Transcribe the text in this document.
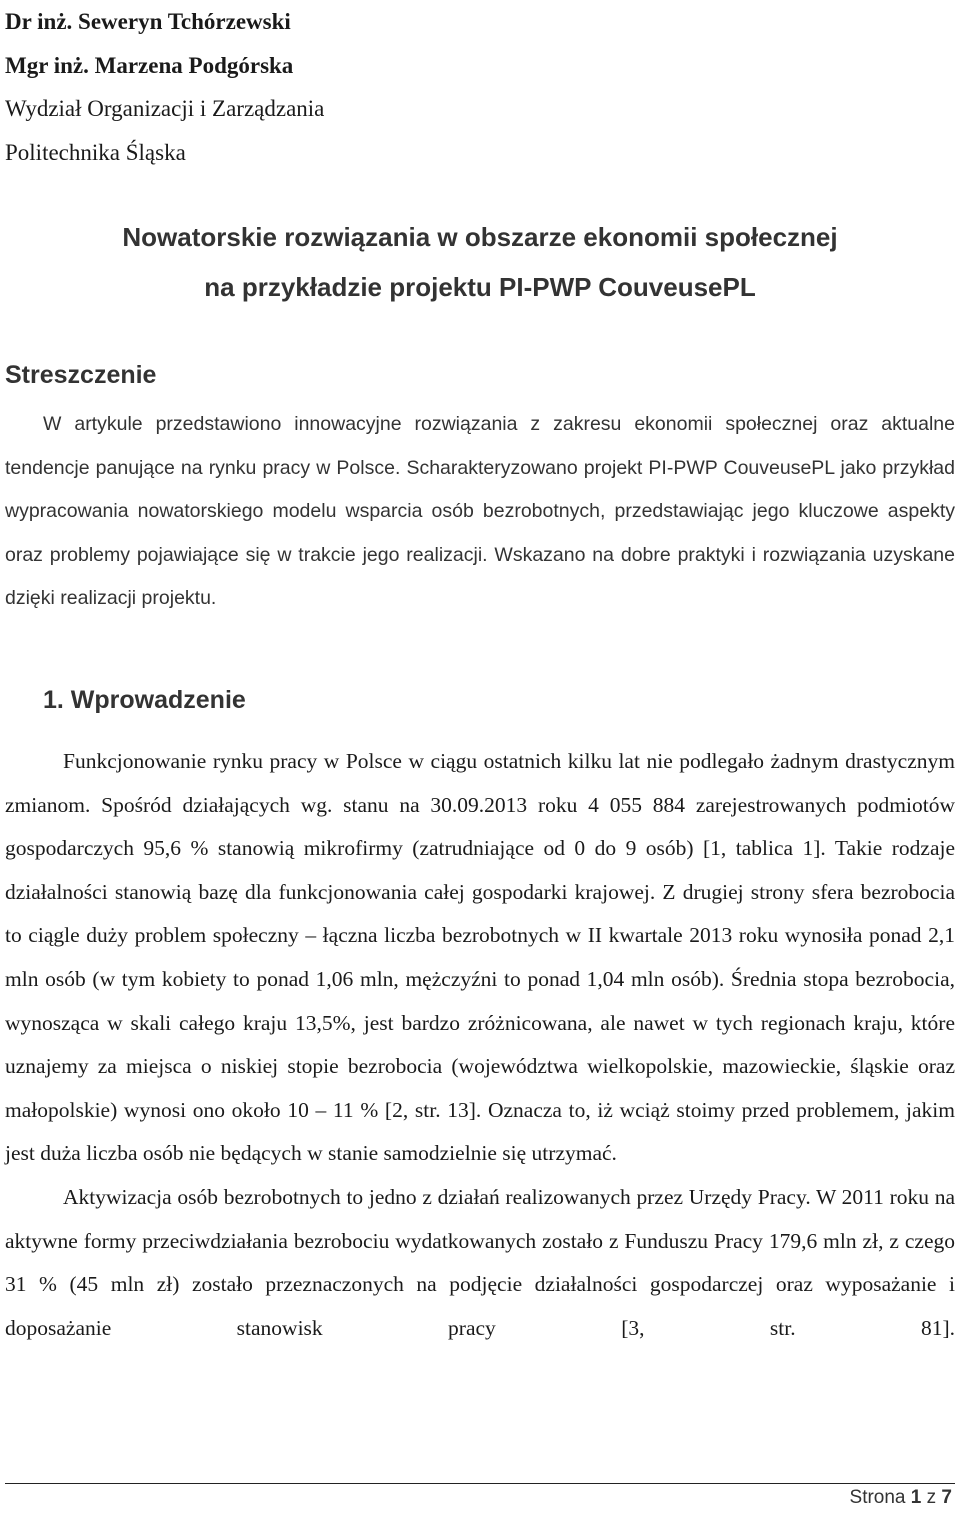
Dr inż. Seweryn Tchórzewski
Mgr inż. Marzena Podgórska
Wydział Organizacji i Zarządzania
Politechnika Śląska
Nowatorskie rozwiązania w obszarze ekonomii społecznej
na przykładzie projektu PI-PWP CouveusePL
Streszczenie

W artykule przedstawiono innowacyjne rozwiązania z zakresu ekonomii społecznej oraz aktualne tendencje panujące na rynku pracy w Polsce. Scharakteryzowano projekt PI-PWP CouveusePL jako przykład wypracowania nowatorskiego modelu wsparcia osób bezrobotnych, przedstawiając jego kluczowe aspekty oraz problemy pojawiające się w trakcie jego realizacji. Wskazano na dobre praktyki i rozwiązania uzyskane dzięki realizacji projektu.

1. Wprowadzenie

Funkcjonowanie rynku pracy w Polsce w ciągu ostatnich kilku lat nie podlegało żadnym drastycznym zmianom. Spośród działających wg. stanu na 30.09.2013 roku 4 055 884 zarejestrowanych podmiotów gospodarczych 95,6 % stanowią mikrofirmy (zatrudniające od 0 do 9 osób) [1, tablica 1]. Takie rodzaje działalności stanowią bazę dla funkcjonowania całej gospodarki krajowej. Z drugiej strony sfera bezrobocia to ciągle duży problem społeczny – łączna liczba bezrobotnych w II kwartale 2013 roku wynosiła ponad 2,1 mln osób (w tym kobiety to ponad 1,06 mln, mężczyźni to ponad 1,04 mln osób). Średnia stopa bezrobocia, wynosząca w skali całego kraju 13,5%, jest bardzo zróżnicowana, ale nawet w tych regionach kraju, które uznajemy za miejsca o niskiej stopie bezrobocia (województwa wielkopolskie, mazowieckie, śląskie oraz małopolskie) wynosi ono około 10 – 11 % [2, str. 13]. Oznacza to, iż wciąż stoimy przed problemem, jakim jest duża liczba osób nie będących w stanie samodzielnie się utrzymać.

Aktywizacja osób bezrobotnych to jedno z działań realizowanych przez Urzędy Pracy. W 2011 roku na aktywne formy przeciwdziałania bezrobociu wydatkowanych zostało z Funduszu Pracy 179,6 mln zł, z czego 31 % (45 mln zł) zostało przeznaczonych na podjęcie działalności gospodarczej oraz wyposażanie i doposażanie stanowisk pracy [3, str. 81].

Strona 1 z 7
